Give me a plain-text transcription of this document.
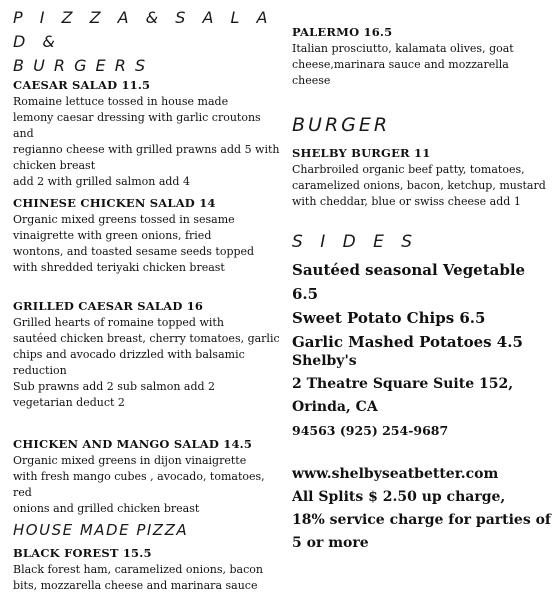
P I Z Z A & S A L A D &
B U R G E R S
CAESAR SALAD 11.5
Romaine lettuce tossed in house made
lemony caesar dressing with garlic croutons and
regianno cheese with grilled prawns add 5 with
chicken breast
add 2 with grilled salmon add 4
CHINESE CHICKEN SALAD 14
Organic mixed greens tossed in sesame
vinaigrette with green onions, fried
wontons, and toasted sesame seeds topped
with shredded teriyaki chicken breast
GRILLED CAESAR SALAD 16
Grilled hearts of romaine topped with
sautéed chicken breast, cherry tomatoes, garlic
chips and avocado drizzled with balsamic
reduction
Sub prawns add 2 sub salmon add 2
vegetarian deduct 2
CHICKEN AND MANGO SALAD 14.5
Organic mixed greens in dijon vinaigrette
with fresh mango cubes , avocado, tomatoes, red
onions and grilled chicken breast
HOUSE MADE PIZZA
BLACK FOREST 15.5
Black forest ham, caramelized onions, bacon
bits, mozzarella cheese and marinara sauce
PALERMO 16.5
Italian prosciutto, kalamata olives, goat
cheese,marinara sauce and mozzarella
cheese
BURGER
SHELBY BURGER 11
Charbroiled organic beef patty, tomatoes,
caramelized onions, bacon, ketchup, mustard
with cheddar, blue or swiss cheese add 1
S I D E S
Sautéed seasonal Vegetable 6.5
Sweet Potato Chips 6.5
Garlic Mashed Potatoes 4.5
Shelby's
2 Theatre Square Suite 152,
Orinda, CA
94563 (925) 254-9687
www.shelbyseatbetter.com
All Splits $ 2.50 up charge,
18% service charge for parties of
5 or more
